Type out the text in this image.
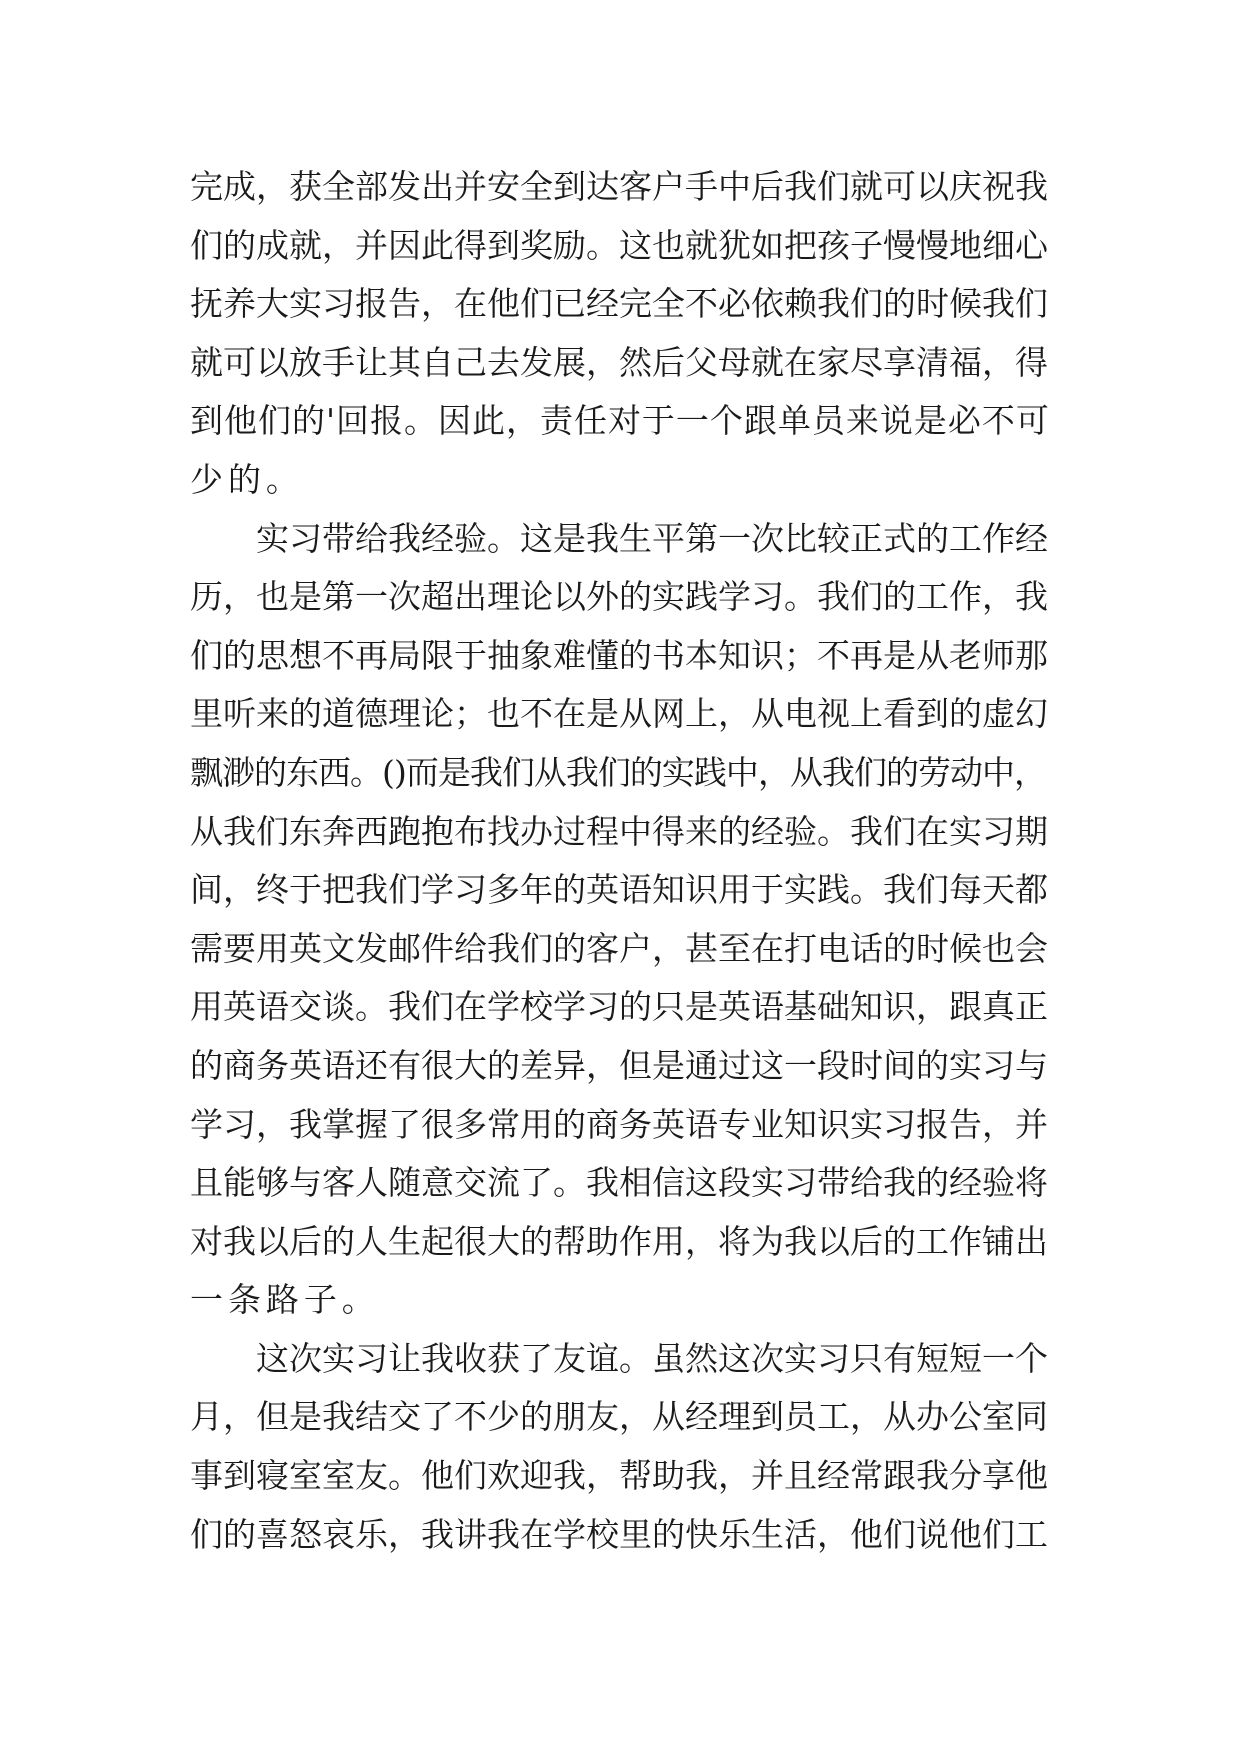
完成，获全部发出并安全到达客户手中后我们就可以庆祝我
们的成就，并因此得到奖励。这也就犹如把孩子慢慢地细心
抚养大实习报告，在他们已经完全不必依赖我们的时候我们
就可以放手让其自己去发展，然后父母就在家尽享清福，得
到他们的'回报。因此，责任对于一个跟单员来说是必不可
少的。
实习带给我经验。这是我生平第一次比较正式的工作经
历，也是第一次超出理论以外的实践学习。我们的工作，我
们的思想不再局限于抽象难懂的书本知识；不再是从老师那
里听来的道德理论；也不在是从网上，从电视上看到的虚幻
飘渺的东西。()而是我们从我们的实践中，从我们的劳动中，
从我们东奔西跑抱布找办过程中得来的经验。我们在实习期
间，终于把我们学习多年的英语知识用于实践。我们每天都
需要用英文发邮件给我们的客户，甚至在打电话的时候也会
用英语交谈。我们在学校学习的只是英语基础知识，跟真正
的商务英语还有很大的差异，但是通过这一段时间的实习与
学习，我掌握了很多常用的商务英语专业知识实习报告，并
且能够与客人随意交流了。我相信这段实习带给我的经验将
对我以后的人生起很大的帮助作用，将为我以后的工作铺出
一条路子。
这次实习让我收获了友谊。虽然这次实习只有短短一个
月，但是我结交了不少的朋友，从经理到员工，从办公室同
事到寝室室友。他们欢迎我，帮助我，并且经常跟我分享他
们的喜怒哀乐，我讲我在学校里的快乐生活，他们说他们工
